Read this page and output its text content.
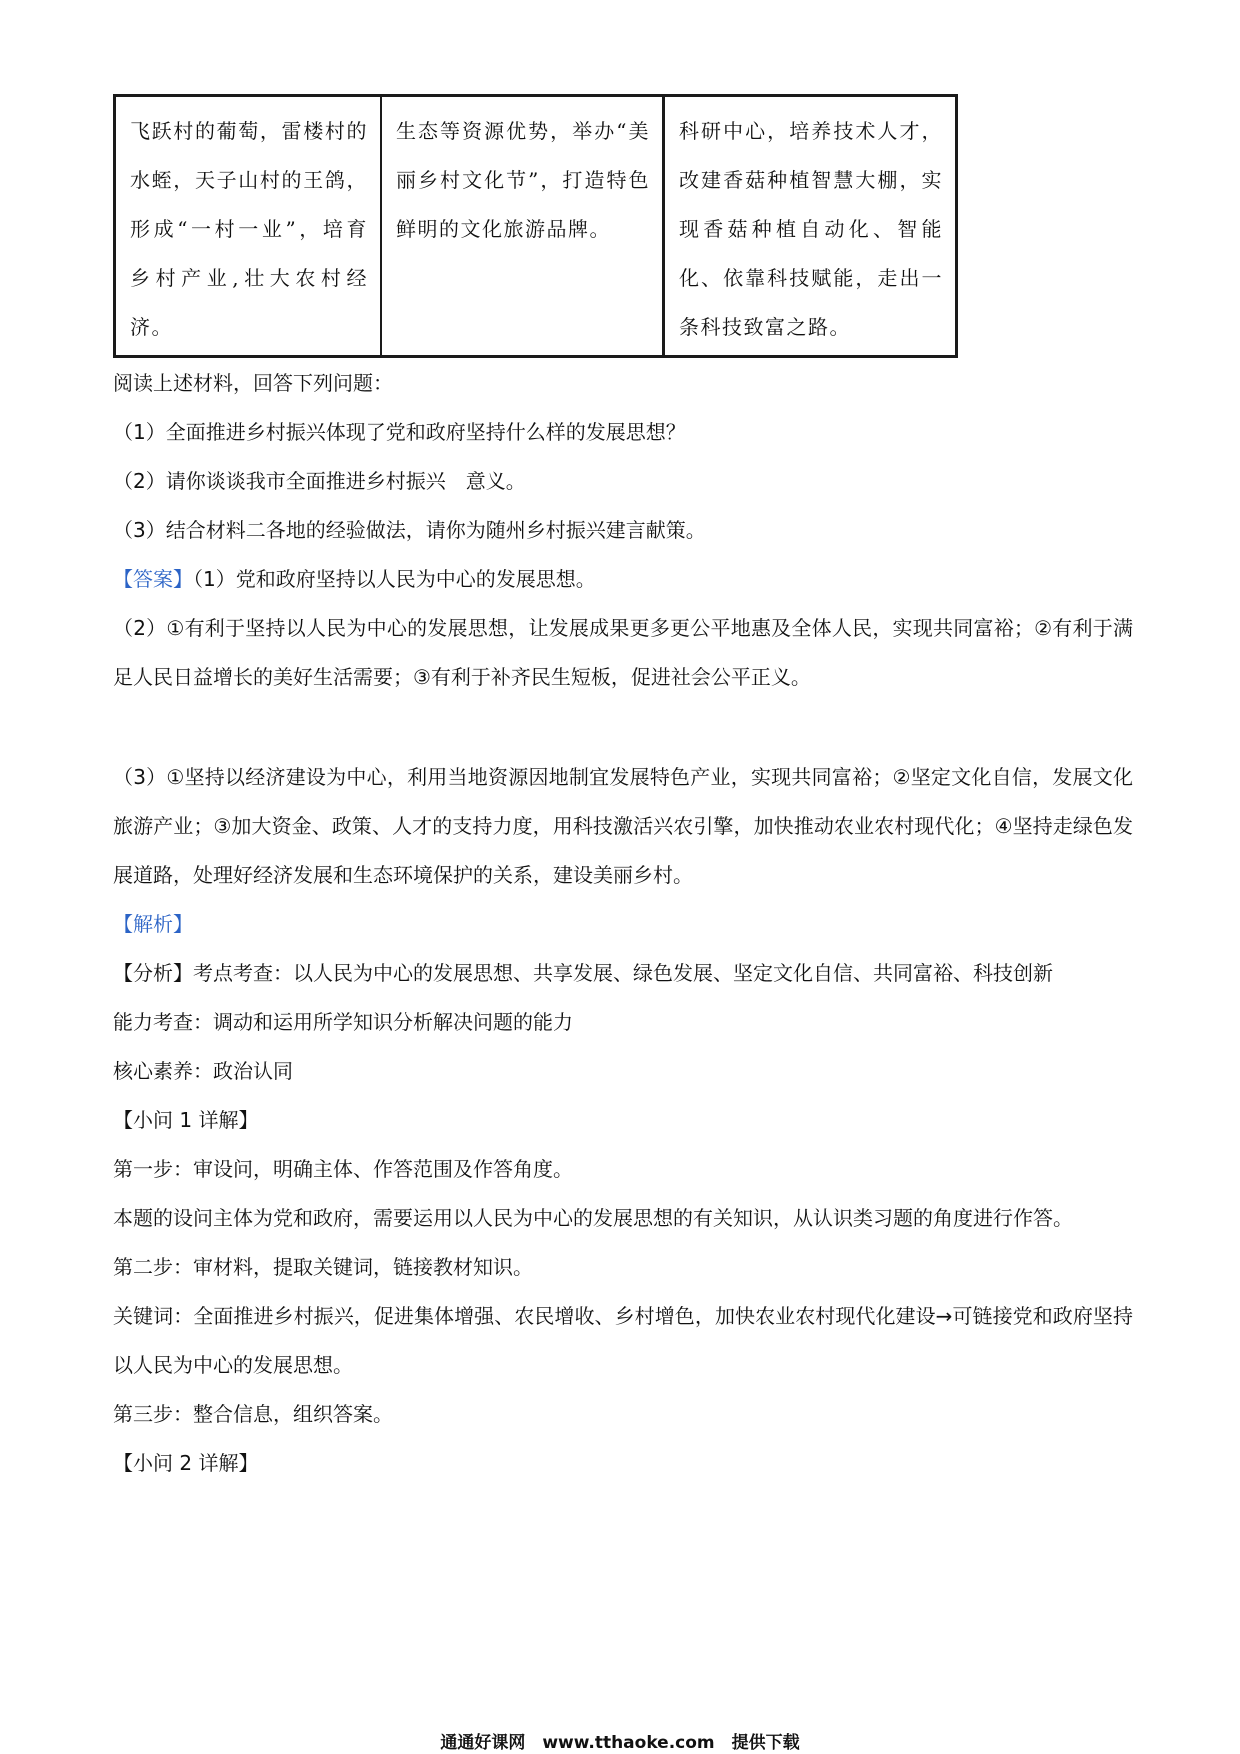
飞跃村的葡萄，雷楼村的水蛭，天子山村的王鸽，形成“一村一业”，培育乡村产业,壮大农村经济。
生态等资源优势，举办“美丽乡村文化节”，打造特色鲜明的文化旅游品牌。
科研中心，培养技术人才，改建香菇种植智慧大棚，实现香菇种植自动化、智能化、依靠科技赋能，走出一条科技致富之路。
阅读上述材料，回答下列问题：
（1）全面推进乡村振兴体现了党和政府坚持什么样的发展思想？
（2）请你谈谈我市全面推进乡村振兴　意义。
（3）结合材料二各地的经验做法，请你为随州乡村振兴建言献策。
【答案】（1）党和政府坚持以人民为中心的发展思想。
（2）①有利于坚持以人民为中心的发展思想，让发展成果更多更公平地惠及全体人民，实现共同富裕；②有利于满足人民日益增长的美好生活需要；③有利于补齐民生短板，促进社会公平正义。
（3）①坚持以经济建设为中心，利用当地资源因地制宜发展特色产业，实现共同富裕；②坚定文化自信，发展文化旅游产业；③加大资金、政策、人才的支持力度，用科技激活兴农引擎，加快推动农业农村现代化；④坚持走绿色发展道路，处理好经济发展和生态环境保护的关系，建设美丽乡村。
【解析】
【分析】考点考查：以人民为中心的发展思想、共享发展、绿色发展、坚定文化自信、共同富裕、科技创新
能力考查：调动和运用所学知识分析解决问题的能力
核心素养：政治认同
【小问 1 详解】
第一步：审设问，明确主体、作答范围及作答角度。
本题的设问主体为党和政府，需要运用以人民为中心的发展思想的有关知识，从认识类习题的角度进行作答。
第二步：审材料，提取关键词，链接教材知识。
关键词：全面推进乡村振兴，促进集体增强、农民增收、乡村增色，加快农业农村现代化建设→可链接党和政府坚持以人民为中心的发展思想。
第三步：整合信息，组织答案。
【小问 2 详解】
通通好课网　www.tthaoke.com　提供下载
